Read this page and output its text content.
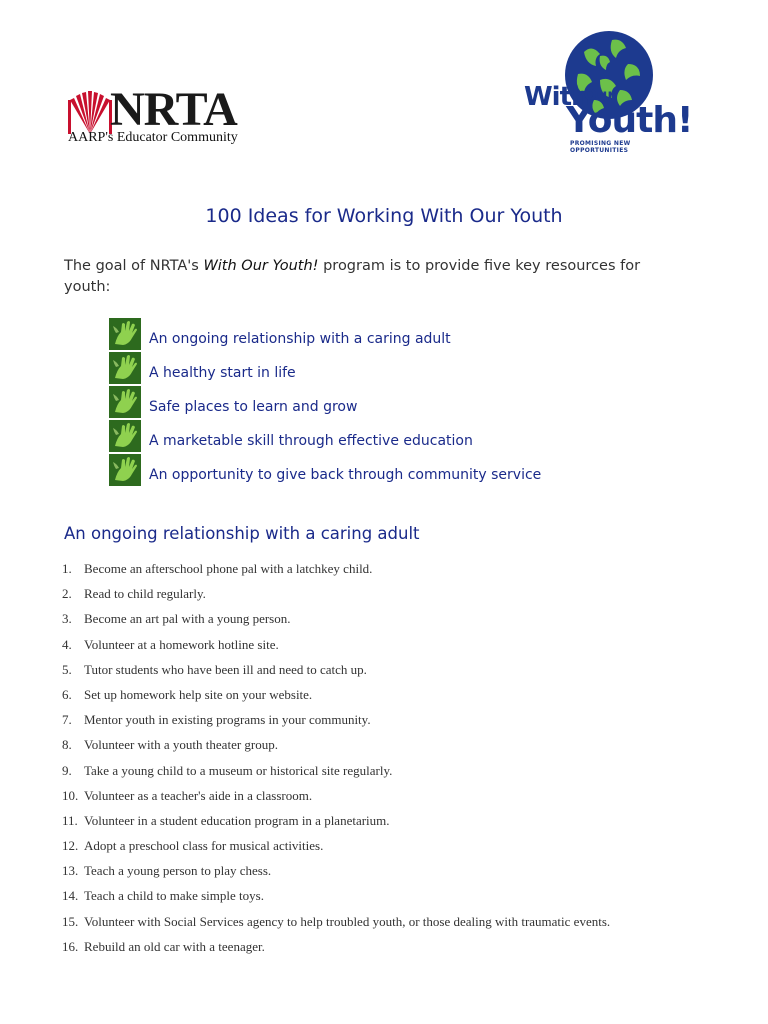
NRTA
AARP's Educator Community
With
Our
Youth!
PROMISING NEW OPPORTUNITIES
100 Ideas for Working With Our Youth
The goal of NRTA's With Our Youth! program is to provide five key resources for youth:
An ongoing relationship with a caring adult
A healthy start in life
Safe places to learn and grow
A marketable skill through effective education
An opportunity to give back through community service
An ongoing relationship with a caring adult
1. Become an afterschool phone pal with a latchkey child.
2. Read to child regularly.
3. Become an art pal with a young person.
4. Volunteer at a homework hotline site.
5. Tutor students who have been ill and need to catch up.
6. Set up homework help site on your website.
7. Mentor youth in existing programs in your community.
8. Volunteer with a youth theater group.
9. Take a young child to a museum or historical site regularly.
10. Volunteer as a teacher's aide in a classroom.
11. Volunteer in a student education program in a planetarium.
12. Adopt a preschool class for musical activities.
13. Teach a young person to play chess.
14. Teach a child to make simple toys.
15. Volunteer with Social Services agency to help troubled youth, or those dealing with traumatic events.
16. Rebuild an old car with a teenager.
